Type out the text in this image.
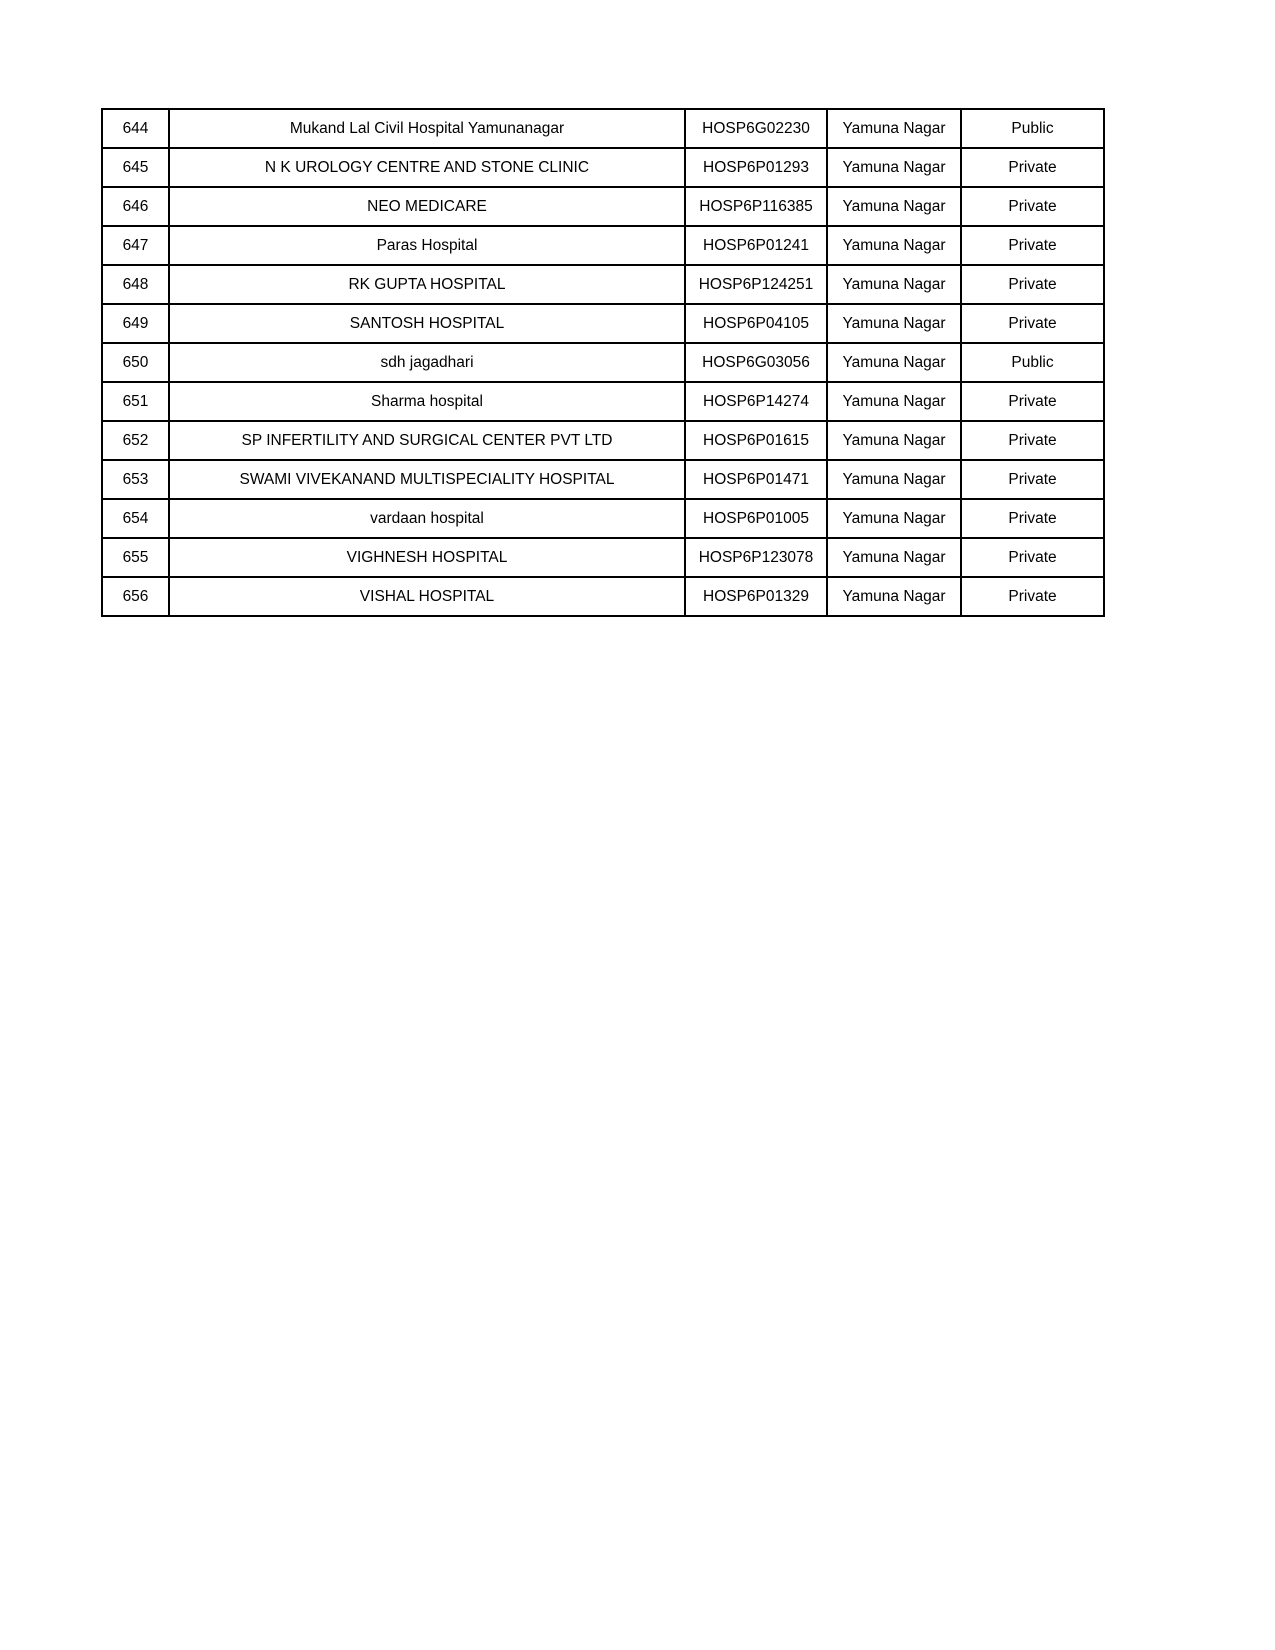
644	Mukand Lal Civil Hospital Yamunanagar	HOSP6G02230	Yamuna Nagar	Public
645	N K UROLOGY CENTRE AND STONE CLINIC	HOSP6P01293	Yamuna Nagar	Private
646	NEO MEDICARE	HOSP6P116385	Yamuna Nagar	Private
647	Paras Hospital	HOSP6P01241	Yamuna Nagar	Private
648	RK GUPTA HOSPITAL	HOSP6P124251	Yamuna Nagar	Private
649	SANTOSH HOSPITAL	HOSP6P04105	Yamuna Nagar	Private
650	sdh jagadhari	HOSP6G03056	Yamuna Nagar	Public
651	Sharma hospital	HOSP6P14274	Yamuna Nagar	Private
652	SP INFERTILITY AND SURGICAL CENTER PVT LTD	HOSP6P01615	Yamuna Nagar	Private
653	SWAMI VIVEKANAND MULTISPECIALITY HOSPITAL	HOSP6P01471	Yamuna Nagar	Private
654	vardaan hospital	HOSP6P01005	Yamuna Nagar	Private
655	VIGHNESH HOSPITAL	HOSP6P123078	Yamuna Nagar	Private
656	VISHAL HOSPITAL	HOSP6P01329	Yamuna Nagar	Private
